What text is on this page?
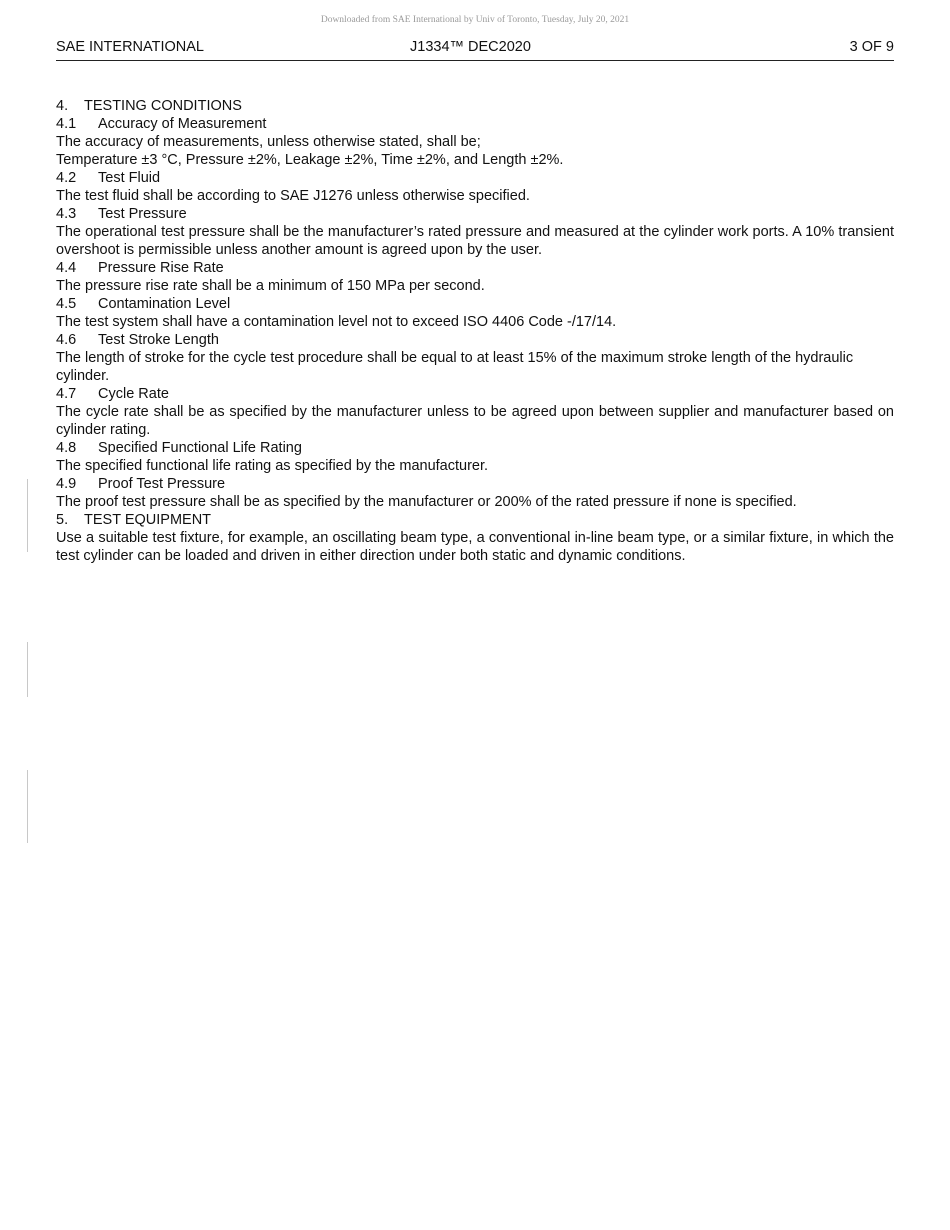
Downloaded from SAE International by Univ of Toronto, Tuesday, July 20, 2021
SAE INTERNATIONAL	J1334™ DEC2020	3 OF 9
4.	TESTING CONDITIONS
4.1	Accuracy of Measurement
The accuracy of measurements, unless otherwise stated, shall be;
Temperature ±3 °C, Pressure ±2%, Leakage ±2%, Time ±2%, and Length ±2%.
4.2	Test Fluid
The test fluid shall be according to SAE J1276 unless otherwise specified.
4.3	Test Pressure
The operational test pressure shall be the manufacturer’s rated pressure and measured at the cylinder work ports. A 10% transient overshoot is permissible unless another amount is agreed upon by the user.
4.4	Pressure Rise Rate
The pressure rise rate shall be a minimum of 150 MPa per second.
4.5	Contamination Level
The test system shall have a contamination level not to exceed ISO 4406 Code -/17/14.
4.6	Test Stroke Length
The length of stroke for the cycle test procedure shall be equal to at least 15% of the maximum stroke length of the hydraulic cylinder.
4.7	Cycle Rate
The cycle rate shall be as specified by the manufacturer unless to be agreed upon between supplier and manufacturer based on cylinder rating.
4.8	Specified Functional Life Rating
The specified functional life rating as specified by the manufacturer.
4.9	Proof Test Pressure
The proof test pressure shall be as specified by the manufacturer or 200% of the rated pressure if none is specified.
5.	TEST EQUIPMENT
Use a suitable test fixture, for example, an oscillating beam type, a conventional in-line beam type, or a similar fixture, in which the test cylinder can be loaded and driven in either direction under both static and dynamic conditions.
